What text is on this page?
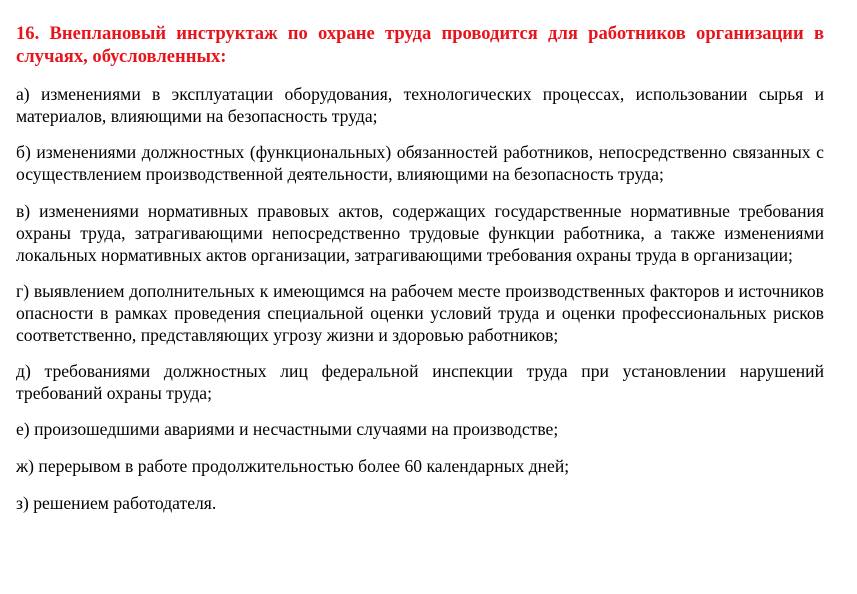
16. Внеплановый инструктаж по охране труда проводится для работников организации в случаях, обусловленных:

а) изменениями в эксплуатации оборудования, технологических процессах, использовании сырья и материалов, влияющими на безопасность труда;

б) изменениями должностных (функциональных) обязанностей работников, непосредственно связанных с осуществлением производственной деятельности, влияющими на безопасность труда;

в) изменениями нормативных правовых актов, содержащих государственные нормативные требования охраны труда, затрагивающими непосредственно трудовые функции работника, а также изменениями локальных нормативных актов организации, затрагивающими требования охраны труда в организации;

г) выявлением дополнительных к имеющимся на рабочем месте производственных факторов и источников опасности в рамках проведения специальной оценки условий труда и оценки профессиональных рисков соответственно, представляющих угрозу жизни и здоровью работников;

д) требованиями должностных лиц федеральной инспекции труда при установлении нарушений требований охраны труда;

е) произошедшими авариями и несчастными случаями на производстве;

ж) перерывом в работе продолжительностью более 60 календарных дней;

з) решением работодателя.
